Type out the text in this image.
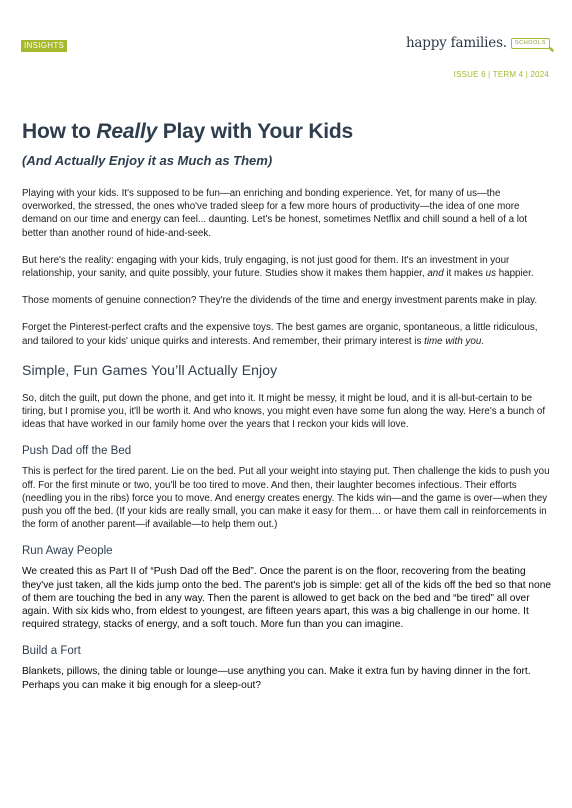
INSIGHTS	happy families.	SCHOOLS
ISSUE 6 | TERM 4 | 2024
How to Really Play with Your Kids
(And Actually Enjoy it as Much as Them)

Playing with your kids. It's supposed to be fun—an enriching and bonding experience. Yet, for many of us—the overworked, the stressed, the ones who've traded sleep for a few more hours of productivity—the idea of one more demand on our time and energy can feel... daunting. Let's be honest, sometimes Netflix and chill sound a hell of a lot better than another round of hide-and-seek.

But here's the reality: engaging with your kids, truly engaging, is not just good for them. It's an investment in your relationship, your sanity, and quite possibly, your future. Studies show it makes them happier, and it makes us happier.

Those moments of genuine connection? They're the dividends of the time and energy investment parents make in play.

Forget the Pinterest-perfect crafts and the expensive toys. The best games are organic, spontaneous, a little ridiculous, and tailored to your kids' unique quirks and interests. And remember, their primary interest is time with you.

Simple, Fun Games You’ll Actually Enjoy

So, ditch the guilt, put down the phone, and get into it. It might be messy, it might be loud, and it is all-but-certain to be tiring, but I promise you, it'll be worth it. And who knows, you might even have some fun along the way. Here's a bunch of ideas that have worked in our family home over the years that I reckon your kids will love.

Push Dad off the Bed

This is perfect for the tired parent. Lie on the bed. Put all your weight into staying put. Then challenge the kids to push you off. For the first minute or two, you'll be too tired to move. And then, their laughter becomes infectious. Their efforts (needling you in the ribs) force you to move. And energy creates energy. The kids win—and the game is over—when they push you off the bed. (If your kids are really small, you can make it easy for them… or have them call in reinforcements in the form of another parent—if available—to help them out.)

Run Away People

We created this as Part II of “Push Dad off the Bed”. Once the parent is on the floor, recovering from the beating they've just taken, all the kids jump onto the bed. The parent's job is simple: get all of the kids off the bed so that none of them are touching the bed in any way. Then the parent is allowed to get back on the bed and “be tired” all over again. With six kids who, from eldest to youngest, are fifteen years apart, this was a big challenge in our home. It required strategy, stacks of energy, and a soft touch. More fun than you can imagine.

Build a Fort

Blankets, pillows, the dining table or lounge—use anything you can. Make it extra fun by having dinner in the fort. Perhaps you can make it big enough for a sleep-out?
